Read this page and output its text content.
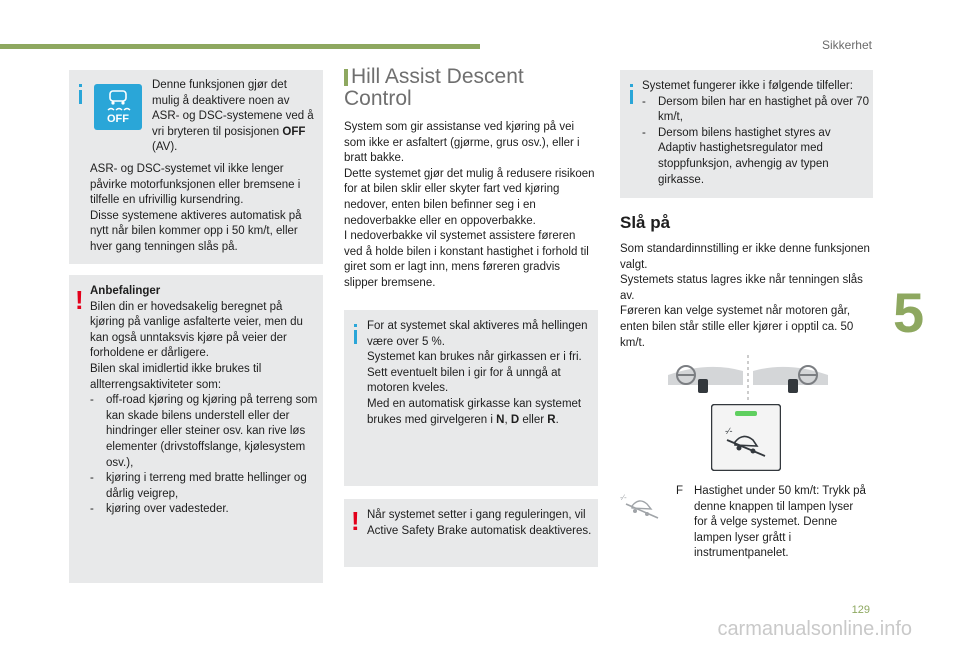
Sikkerhet
5
129
carmanualsonline.info
OFF
Denne funksjonen gjør det mulig å deaktivere noen av ASR- og DSC-systemene ved å vri bryteren til posisjonen OFF (AV).
ASR- og DSC-systemet vil ikke lenger påvirke motorfunksjonen eller bremsene i tilfelle en ufrivillig kursendring.
Disse systemene aktiveres automatisk på nytt når bilen kommer opp i 50 km/t, eller hver gang tenningen slås på.
! Anbefalinger
Bilen din er hovedsakelig beregnet på kjøring på vanlige asfalterte veier, men du kan også unntaksvis kjøre på veier der forholdene er dårligere.
Bilen skal imidlertid ikke brukes til allterrengsaktiviteter som:
-	off-road kjøring og kjøring på terreng som kan skade bilens understell eller der hindringer eller steiner osv. kan rive løs elementer (drivstoffslange, kjølesystem osv.),
-	kjøring i terreng med bratte hellinger og dårlig veigrep,
-	kjøring over vadesteder.
Hill Assist Descent
Control
System som gir assistanse ved kjøring på vei som ikke er asfaltert (gjørme, grus osv.), eller i bratt bakke.
Dette systemet gjør det mulig å redusere risikoen for at bilen sklir eller skyter fart ved kjøring nedover, enten bilen befinner seg i en nedoverbakke eller en oppoverbakke.
I nedoverbakke vil systemet assistere føreren ved å holde bilen i konstant hastighet i forhold til giret som er lagt inn, mens føreren gradvis slipper bremsene.
For at systemet skal aktiveres må hellingen være over 5 %.
Systemet kan brukes når girkassen er i fri.
Sett eventuelt bilen i gir for å unngå at motoren kveles.
Med en automatisk girkasse kan systemet brukes med girvelgeren i N, D eller R.
! Når systemet setter i gang reguleringen, vil Active Safety Brake automatisk deaktiveres.
Systemet fungerer ikke i følgende tilfeller:
-	Dersom bilen har en hastighet på over 70 km/t,
-	Dersom bilens hastighet styres av Adaptiv hastighetsregulator med stoppfunksjon, avhengig av typen girkasse.
Slå på
Som standardinnstilling er ikke denne funksjonen valgt.
Systemets status lagres ikke når tenningen slås av.
Føreren kan velge systemet når motoren går, enten bilen står stille eller kjører i opptil ca. 50 km/t.
-∕-
-∕-
F Hastighet under 50 km/t: Trykk på denne knappen til lampen lyser for å velge systemet. Denne lampen lyser grått i instrumentpanelet.
